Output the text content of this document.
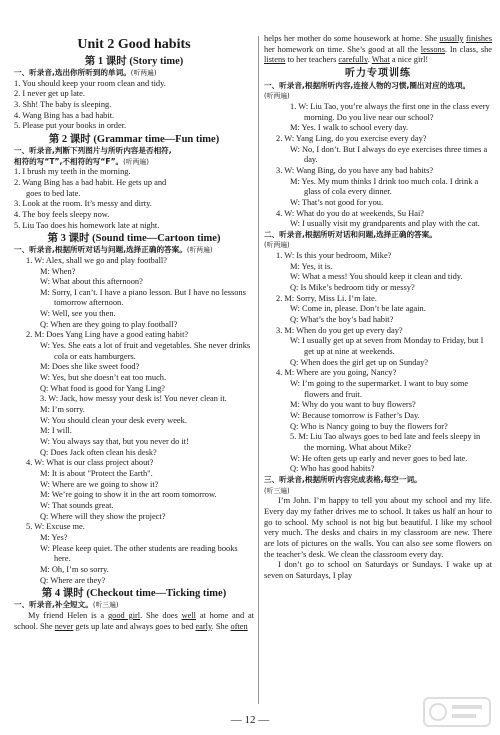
Unit 2 Good habits
第 1 课时 (Story time)
一、听录音,选出你所听到的单词。(听两遍)
1. You should keep your room clean and tidy.
2. I never get up late.
3. Shh! The baby is sleeping.
4. Wang Bing has a bad habit.
5. Please put your books in order.
第 2 课时 (Grammar time—Fun time)
一、听录音,判断下列图片与所听内容是否相符,
相符的写“T”,不相符的写“F”。(听两遍)
1. I brush my teeth in the morning.
2. Wang Bing has a bad habit. He gets up and
goes to bed late.
3. Look at the room. It’s messy and dirty.
4. The boy feels sleepy now.
5. Liu Tao does his homework late at night.
第 3 课时 (Sound time—Cartoon time)
一、听录音,根据所听对话与问题,选择正确的答案。(听两遍)
1. W: Alex, shall we go and play football?
M: When?
W: What about this afternoon?
M: Sorry, I can’t. I have a piano lesson. But I have no lessons tomorrow afternoon.
W: Well, see you then.
Q: When are they going to play football?
2. M: Does Yang Ling have a good eating habit?
W: Yes. She eats a lot of fruit and vegetables. She never drinks cola or eats hamburgers.
M: Does she like sweet food?
W: Yes, but she doesn’t eat too much.
Q: What food is good for Yang Ling?
3. W: Jack, how messy your desk is! You never clean it.
M: I’m sorry.
W: You should clean your desk every week.
M: I will.
W: You always say that, but you never do it!
Q: Does Jack often clean his desk?
4. W: What is our class project about?
M: It is about "Protect the Earth".
W: Where are we going to show it?
M: We’re going to show it in the art room tomorrow.
W: That sounds great.
Q: Where will they show the project?
5. W: Excuse me.
M: Yes?
W: Please keep quiet. The other students are reading books here.
M: Oh, I’m so sorry.
Q: Where are they?
第 4 课时 (Checkout time—Ticking time)
一、听录音,补全短文。(听三遍)
My friend Helen is a good girl. She does well at home and at school. She never gets up late and always goes to bed early. She often
helps her mother do some housework at home. She usually finishes her homework on time. She’s good at all the lessons. In class, she listens to her teachers carefully. What a nice girl!
听力专项训练
一、听录音,根据所听内容,连接人物的习惯,圈出对应的选项。
(听两遍)
1. W: Liu Tao, you’re always the first one in the class every morning. Do you live near our school?
M: Yes. I walk to school every day.
2. W: Yang Ling, do you exercise every day?
W: No, I don’t. But I always do eye exercises three times a day.
3. W: Wang Bing, do you have any bad habits?
M: Yes. My mum thinks I drink too much cola. I drink a glass of cola every dinner.
W: That’s not good for you.
4. W: What do you do at weekends, Su Hai?
W: I usually visit my grandparents and play with the cat.
二、听录音,根据所听对话和问题,选择正确的答案。
(听两遍)
1. W: Is this your bedroom, Mike?
M: Yes, it is.
W: What a mess! You should keep it clean and tidy.
Q: Is Mike’s bedroom tidy or messy?
2. M: Sorry, Miss Li. I’m late.
W: Come in, please. Don’t be late again.
Q: What’s the boy’s bad habit?
3. M: When do you get up every day?
W: I usually get up at seven from Monday to Friday, but I get up at nine at weekends.
Q: When does the girl get up on Sunday?
4. M: Where are you going, Nancy?
W: I’m going to the supermarket. I want to buy some flowers and fruit.
M: Why do you want to buy flowers?
W: Because tomorrow is Father’s Day.
Q: Who is Nancy going to buy the flowers for?
5. M: Liu Tao always goes to bed late and feels sleepy in the morning. What about Mike?
W: He often gets up early and never goes to bed late.
Q: Who has good habits?
三、听录音,根据所听内容完成表格,每空一词。
(听三遍)
I’m John. I’m happy to tell you about my school and my life. Every day my father drives me to school. It takes us half an hour to go to school. My school is not big but beautiful. I like my school very much. The desks and chairs in my classroom are new. There are lots of pictures on the walls. You can also see some flowers on the teacher’s desk. We clean the classroom every day.
I don’t go to school on Saturdays or Sundays. I wake up at seven on Saturdays, I play
— 12 —
